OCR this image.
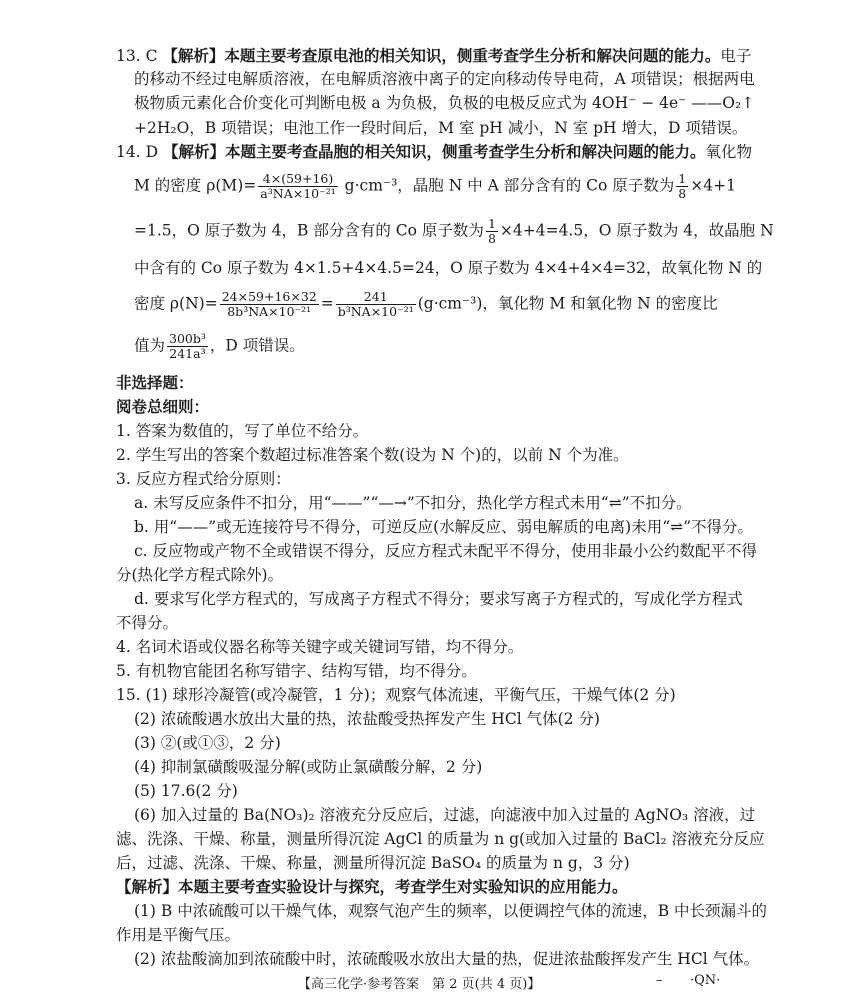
13. C 【解析】本题主要考查原电池的相关知识，侧重考查学生分析和解决问题的能力。电子
的移动不经过电解质溶液，在电解质溶液中离子的定向移动传导电荷，A 项错误；根据两电
极物质元素化合价变化可判断电极 a 为负极，负极的电极反应式为 4OH⁻ − 4e⁻ ——O₂↑
+2H₂O，B 项错误；电池工作一段时间后，M 室 pH 减小，N 室 pH 增大，D 项错误。
14. D 【解析】本题主要考查晶胞的相关知识，侧重考查学生分析和解决问题的能力。氧化物
M 的密度 $\rho(M)= \frac{4\times(59+16)}{\text{a³NA×10⁻²¹}} g\cdot cm^{-3}$，晶胞 N 中 A 部分含有的 Co 原子数为 $\frac{1}{8} \times 4+1$
=1.5，O 原子数为 4，B 部分含有的 Co 原子数为 $\frac{1}{8} \times 4+4=4.5$，O 原子数为 4，故晶胞 N
中含有的 Co 原子数为 4×1.5+4×4.5=24，O 原子数为 4×4+4×4=32，故氧化物 N 的
密度 $\rho(N)= \frac{24\times 59+16\times 32}{\text{8b³NA×10⁻²¹}} = \frac{241}{\text{b³NA×10⁻²¹}} (g\cdot cm^{-3})$，氧化物 M 和氧化物 N 的密度比
值为 $\frac{\text{300b³}}{\text{241a³}}$ ，D 项错误。
非选择题：
阅卷总细则：
1. 答案为数值的，写了单位不给分。
2. 学生写出的答案个数超过标准答案个数(设为 N 个)的，以前 N 个为准。
3. 反应方程式给分原则：
a. 未写反应条件不扣分，用“——”“—→”不扣分，热化学方程式未用“⇌”不扣分。
b. 用“——”或无连接符号不得分，可逆反应(水解反应、弱电解质的电离)未用“⇌”不得分。
c. 反应物或产物不全或错误不得分，反应方程式未配平不得分，使用非最小公约数配平不得
分(热化学方程式除外)。
d. 要求写化学方程式的，写成离子方程式不得分；要求写离子方程式的，写成化学方程式
不得分。
4. 名词术语或仪器名称等关键字或关键词写错，均不得分。
5. 有机物官能团名称写错字、结构写错，均不得分。
15. (1) 球形冷凝管(或冷凝管，1 分)；观察气体流速，平衡气压，干燥气体(2 分)
(2) 浓硫酸遇水放出大量的热，浓盐酸受热挥发产生 HCl 气体(2 分)
(3) ②(或①③，2 分)
(4) 抑制氯磺酸吸湿分解(或防止氯磺酸分解，2 分)
(5) 17.6(2 分)
(6) 加入过量的 Ba(NO₃)₂ 溶液充分反应后，过滤，向滤液中加入过量的 AgNO₃ 溶液，过
滤、洗涤、干燥、称量，测量所得沉淀 AgCl 的质量为 n g(或加入过量的 BaCl₂ 溶液充分反应
后，过滤、洗涤、干燥、称量，测量所得沉淀 BaSO₄ 的质量为 n g，3 分)
【解析】本题主要考查实验设计与探究，考查学生对实验知识的应用能力。
(1) B 中浓硫酸可以干燥气体，观察气泡产生的频率，以便调控气体的流速，B 中长颈漏斗的
作用是平衡气压。
(2) 浓盐酸滴加到浓硫酸中时，浓硫酸吸水放出大量的热，促进浓盐酸挥发产生 HCl 气体。
【高三化学·参考答案　第 2 页(共 4 页)】	– ·QN·
